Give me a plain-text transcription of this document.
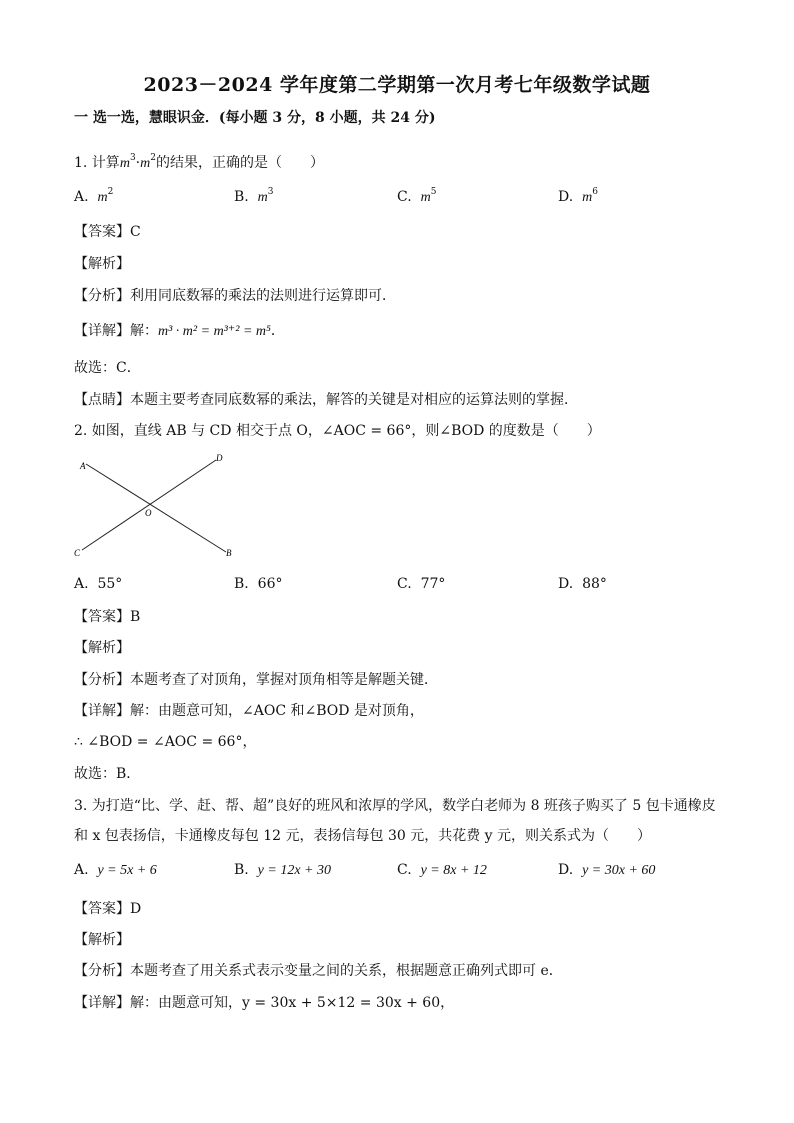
2023－2024 学年度第二学期第一次月考七年级数学试题
一 选一选，慧眼识金．(每小题 3 分，8 小题，共 24 分)
1. 计算$m^3\cdot m^2$的结果，正确的是（　　）
A. $m^2$	B. $m^3$	C. $m^5$	D. $m^6$
【答案】C
【解析】
【分析】利用同底数幂的乘法的法则进行运算即可．
【详解】解：m³ · m² = m³⁺² = m⁵．
故选：C．
【点睛】本题主要考查同底数幂的乘法，解答的关键是对相应的运算法则的掌握．
2. 如图，直线 AB 与 CD 相交于点 O，∠AOC = 66°，则∠BOD 的度数是（　　）
A
B
C
D
O
A. 55°	B. 66°	C. 77°	D. 88°
【答案】B
【解析】
【分析】本题考查了对顶角，掌握对顶角相等是解题关键．
【详解】解：由题意可知，∠AOC 和∠BOD 是对顶角，
∴ ∠BOD = ∠AOC = 66°，
故选：B．
3. 为打造“比、学、赶、帮、超”良好的班风和浓厚的学风，数学白老师为 8 班孩子购买了 5 包卡通橡皮
和 x 包表扬信，卡通橡皮每包 12 元，表扬信每包 30 元，共花费 y 元，则关系式为（　　）
A. y = 5x + 6	B. y = 12x + 30	C. y = 8x + 12	D. y = 30x + 60
【答案】D
【解析】
【分析】本题考查了用关系式表示变量之间的关系，根据题意正确列式即可 e．
【详解】解：由题意可知，y = 30x + 5×12 = 30x + 60，
